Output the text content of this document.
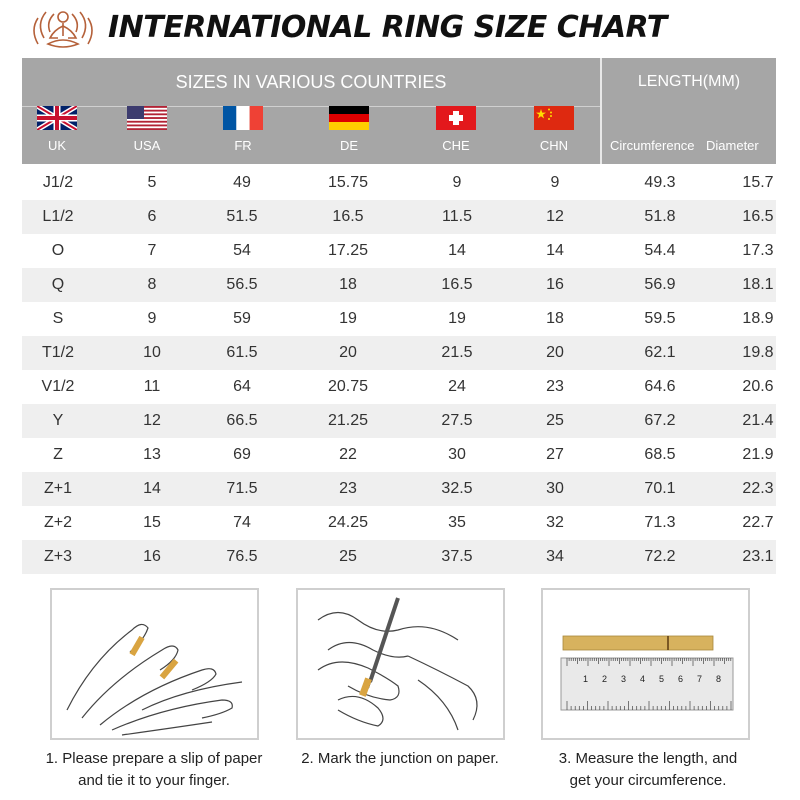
INTERNATIONAL RING SIZE CHART
SIZES IN VARIOUS COUNTRIES	LENGTH(MM)
UK	USA	FR	DE	CHE	CHN	Circumference Diameter
J1/2	5	49	15.75	9	9	49.3	15.7
L1/2	6	51.5	16.5	11.5	12	51.8	16.5
O	7	54	17.25	14	14	54.4	17.3
Q	8	56.5	18	16.5	16	56.9	18.1
S	9	59	19	19	18	59.5	18.9
T1/2	10	61.5	20	21.5	20	62.1	19.8
V1/2	11	64	20.75	24	23	64.6	20.6
Y	12	66.5	21.25	27.5	25	67.2	21.4
Z	13	69	22	30	27	68.5	21.9
Z+1	14	71.5	23	32.5	30	70.1	22.3
Z+2	15	74	24.25	35	32	71.3	22.7
Z+3	16	76.5	25	37.5	34	72.2	23.1
1 2 3 4 5 6 7 8
1. Please prepare a slip of paper
and tie it to your finger.
2. Mark the junction on paper.	3. Measure the length, and
get your circumference.
